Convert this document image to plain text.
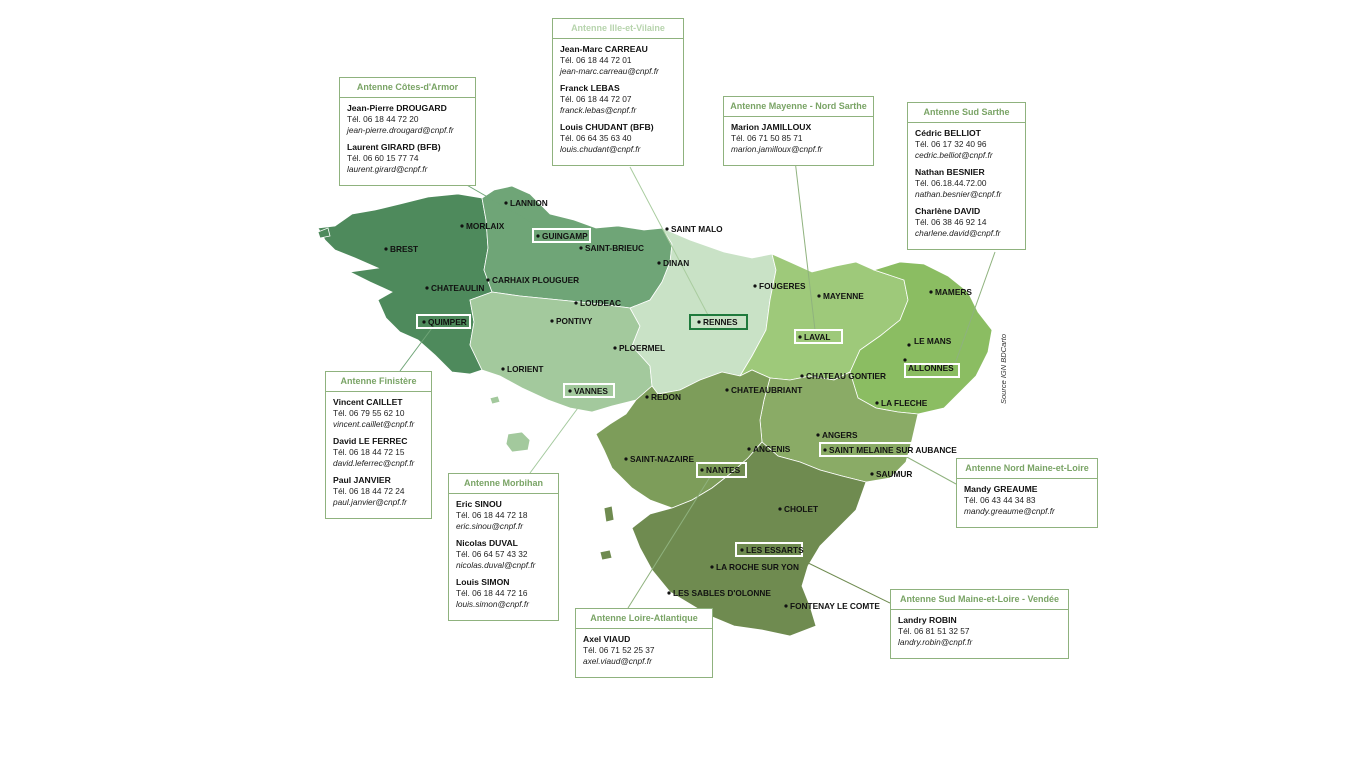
LANNION
MORLAIX
GUINGAMP
SAINT MALO
BREST	SAINT-BRIEUC
DINAN
CARHAIX PLOUGUER
CHATEAULIN	FOUGERES
MAYENNE	MAMERS
LOUDEAC
QUIMPER	PONTIVY	RENNES
LAVAL	LE MANS
PLOERMEL
ALLONNES
LORIENT
CHATEAU GONTIER
VANNES	CHATEAUBRIANT
REDON
LA FLECHE
ANGERS
ANCENIS	SAINT MELAINE SUR AUBANCE
SAINT-NAZAIRE
NANTES	SAUMUR
CHOLET
LES ESSARTS
LA ROCHE SUR YON
LES SABLES D'OLONNE
FONTENAY LE COMTE
Source IGN BDCarto
Antenne Ille-et-Vilaine
Jean-Marc CARREAU
Tél. 06 18 44 72 01
jean-marc.carreau@cnpf.fr
Franck LEBAS
Tél. 06 18 44 72 07
franck.lebas@cnpf.fr
Louis CHUDANT (BFB)
Tél. 06 64 35 63 40
louis.chudant@cnpf.fr
Antenne Côtes-d'Armor
Jean-Pierre DROUGARD
Tél. 06 18 44 72 20
jean-pierre.drougard@cnpf.fr
Laurent GIRARD (BFB)
Tél. 06 60 15 77 74
laurent.girard@cnpf.fr
Antenne Mayenne - Nord Sarthe
Marion JAMILLOUX
Tél. 06 71 50 85 71
marion.jamilloux@cnpf.fr
Antenne Sud Sarthe
Cédric BELLIOT
Tél. 06 17 32 40 96
cedric.belliot@cnpf.fr
Nathan BESNIER
Tél. 06.18.44.72.00
nathan.besnier@cnpf.fr
Charlène DAVID
Tél. 06 38 46 92 14
charlene.david@cnpf.fr
Antenne Finistère
Vincent CAILLET
Tél. 06 79 55 62 10
vincent.caillet@cnpf.fr
David LE FERREC
Tél. 06 18 44 72 15
david.leferrec@cnpf.fr
Paul JANVIER
Tél. 06 18 44 72 24
paul.janvier@cnpf.fr
Antenne Morbihan
Eric SINOU
Tél. 06 18 44 72 18
eric.sinou@cnpf.fr
Nicolas DUVAL
Tél. 06 64 57 43 32
nicolas.duval@cnpf.fr
Louis SIMON
Tél. 06 18 44 72 16
louis.simon@cnpf.fr
Antenne Nord Maine-et-Loire
Mandy GREAUME
Tél. 06 43 44 34 83
mandy.greaume@cnpf.fr
Antenne Loire-Atlantique
Axel VIAUD
Tél. 06 71 52 25 37
axel.viaud@cnpf.fr
Antenne Sud Maine-et-Loire - Vendée
Landry ROBIN
Tél. 06 81 51 32 57
landry.robin@cnpf.fr
